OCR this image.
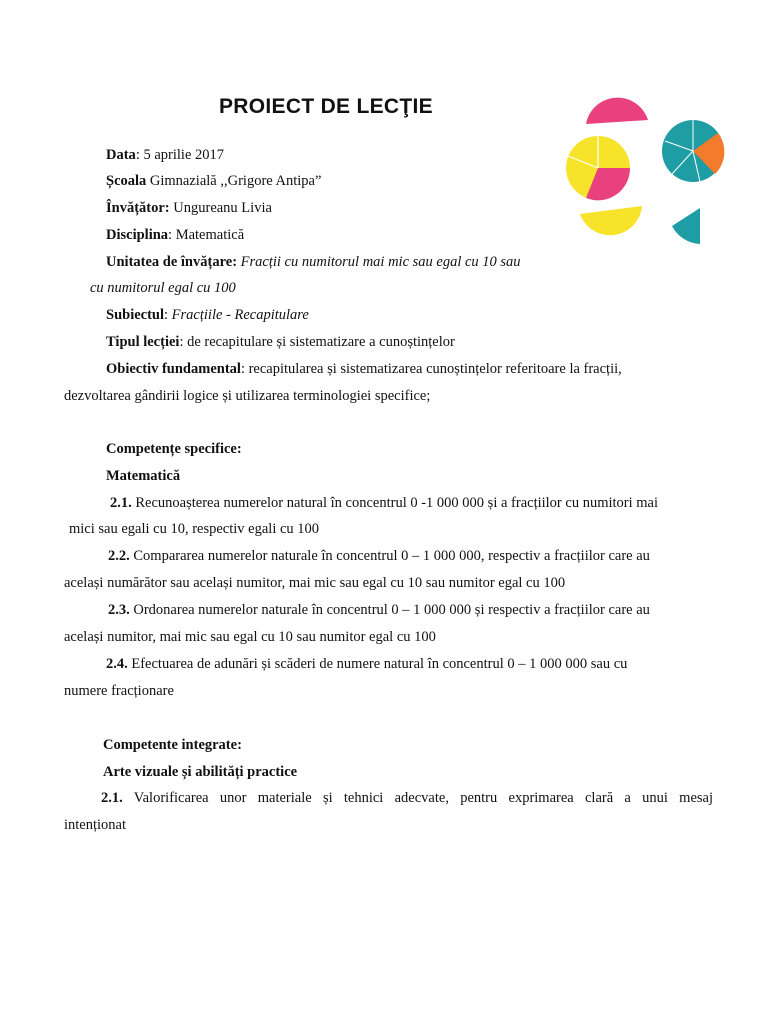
PROIECT DE LECŢIE
Data: 5 aprilie 2017
Școala Gimnazială ,,Grigore Antipa”
Învățător: Ungureanu Livia
Disciplina: Matematică
Unitatea de învățare: Fracții cu numitorul mai mic sau egal cu 10 sau
cu numitorul egal cu 100
Subiectul: Fracțiile - Recapitulare
Tipul lecției: de recapitulare și sistematizare a cunoștințelor
Obiectiv fundamental: recapitularea și sistematizarea cunoștințelor referitoare la fracții,
dezvoltarea gândirii logice și utilizarea terminologiei specifice;
Competențe specifice:
Matematică
2.1. Recunoașterea numerelor natural în concentrul 0 -1 000 000 și a fracțiilor cu numitori mai
mici sau egali cu 10, respectiv egali cu 100
2.2. Compararea numerelor naturale în concentrul 0 – 1 000 000, respectiv a fracțiilor care au
același numărător sau același numitor, mai mic sau egal cu 10 sau numitor egal cu 100
2.3. Ordonarea numerelor naturale în concentrul 0 – 1 000 000 și respectiv a fracțiilor care au
același numitor, mai mic sau egal cu 10 sau numitor egal cu 100
2.4. Efectuarea de adunări și scăderi de numere natural în concentrul 0 – 1 000 000 sau cu
numere fracționare
Competente integrate:
Arte vizuale și abilități practice
2.1. Valorificarea unor materiale și tehnici adecvate, pentru exprimarea clară a unui mesaj
intenționat
